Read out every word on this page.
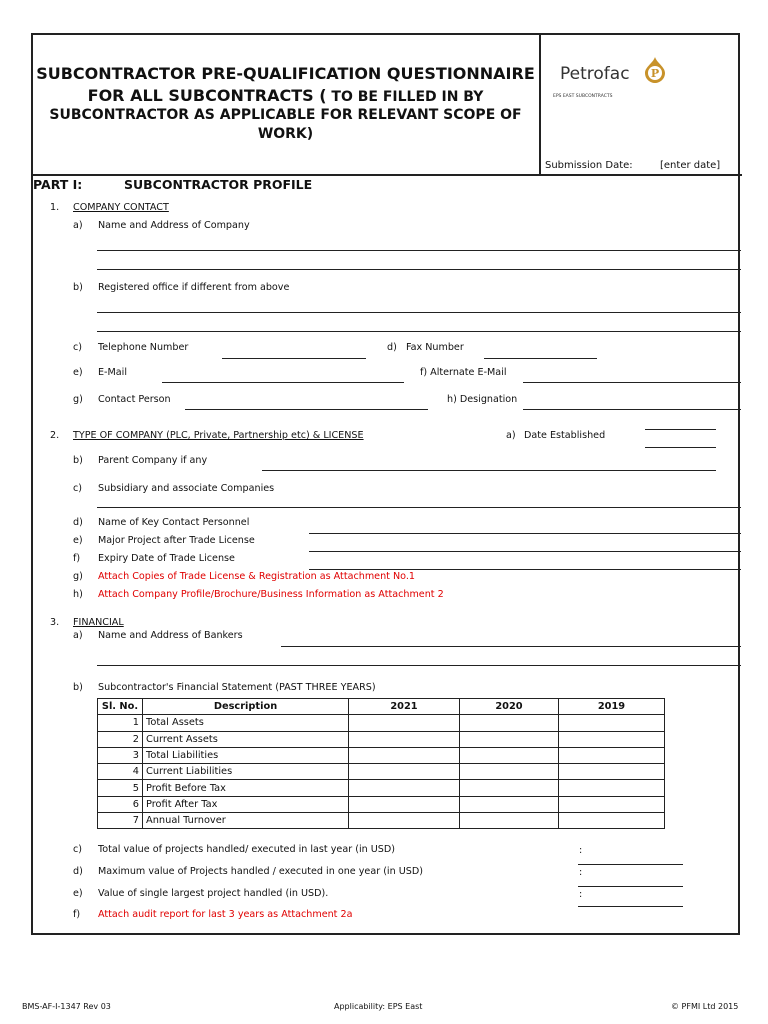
SUBCONTRACTOR PRE-QUALIFICATION QUESTIONNAIRE
FOR ALL SUBCONTRACTS ( TO BE FILLED IN BY
SUBCONTRACTOR AS APPLICABLE FOR RELEVANT SCOPE OF
WORK)
Petrofac P
EPS EAST SUBCONTRACTS
Submission Date:	[enter date]
PART I:	SUBCONTRACTOR PROFILE
1. COMPANY CONTACT
a) Name and Address of Company
b) Registered office if different from above
c) Telephone Number	d) Fax Number
e) E-Mail	f) Alternate E-Mail
g) Contact Person	h) Designation
2. TYPE OF COMPANY (PLC, Private, Partnership etc) & LICENSE	a) Date Established
b) Parent Company if any
c) Subsidiary and associate Companies
d) Name of Key Contact Personnel
e) Major Project after Trade License
f) Expiry Date of Trade License
g) Attach Copies of Trade License & Registration as Attachment No.1
h) Attach Company Profile/Brochure/Business Information as Attachment 2
3. FINANCIAL
a) Name and Address of Bankers
b) Subcontractor's Financial Statement (PAST THREE YEARS)
Sl. No.	Description	2021	2020	2019
1	Total Assets			
2	Current Assets			
3	Total Liabilities			
4	Current Liabilities			
5	Profit Before Tax			
6	Profit After Tax			
7	Annual Turnover			
c) Total value of projects handled/ executed in last year (in USD)	:
d) Maximum value of Projects handled / executed in one year (in USD)	:
e) Value of single largest project handled (in USD).	:
f) Attach audit report for last 3 years as Attachment 2a
BMS-AF-I-1347 Rev 03	Applicability: EPS East	© PFMI Ltd 2015
